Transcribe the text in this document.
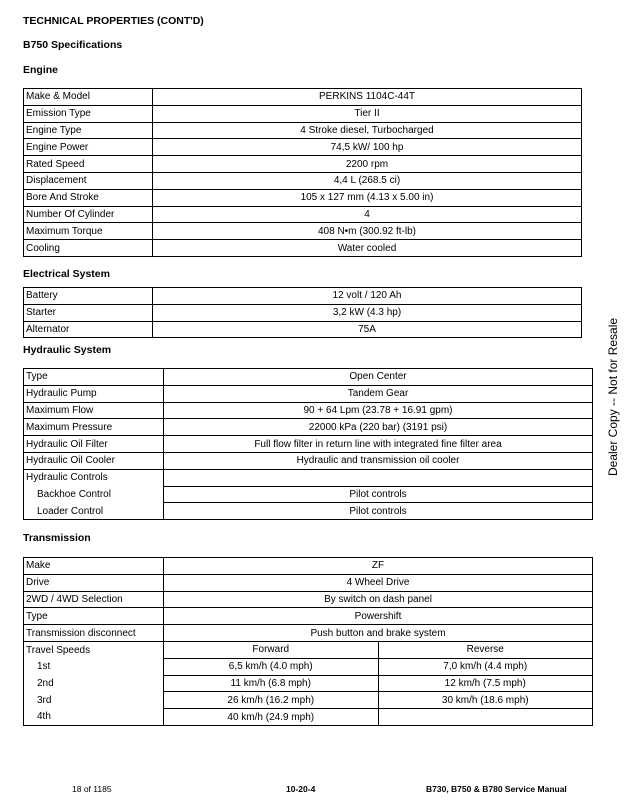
TECHNICAL PROPERTIES (CONT'D)
B750 Specifications
Engine
Make & Model	PERKINS 1104C-44T
Emission Type	Tier II
Engine Type	4 Stroke diesel, Turbocharged
Engine Power	74,5 kW/ 100 hp
Rated Speed	2200 rpm
Displacement	4,4 L (268.5 ci)
Bore And Stroke	105 x 127 mm (4.13 x 5.00 in)
Number Of Cylinder	4
Maximum Torque	408 N•m (300.92 ft-lb)
Cooling	Water cooled
Electrical System
Battery	12 volt / 120 Ah
Starter	3,2 kW (4.3 hp)
Alternator	75A
Hydraulic System
Type	Open Center
Hydraulic Pump	Tandem Gear
Maximum Flow	90 + 64 Lpm (23.78 + 16.91 gpm)
Maximum Pressure	22000 kPa (220 bar) (3191 psi)
Hydraulic Oil Filter	Full flow filter in return line with integrated fine filter area
Hydraulic Oil Cooler	Hydraulic and transmission oil cooler
Hydraulic Controls	
Backhoe Control	Pilot controls
Loader Control	Pilot controls
Transmission
Make	ZF	
Drive	4 Wheel Drive	
2WD / 4WD Selection	By switch on dash panel	
Type	Powershift	
Transmission disconnect	Push button and brake system	
Travel Speeds	Forward	Reverse
1st	6,5 km/h (4.0 mph)	7,0 km/h (4.4 mph)
2nd	11 km/h (6.8 mph)	12 km/h (7.5 mph)
3rd	26 km/h (16.2 mph)	30 km/h (18.6 mph)
4th	40 km/h (24.9 mph)	
Dealer Copy -- Not for Resale
18 of 1185	10-20-4	B730, B750 & B780 Service Manual
